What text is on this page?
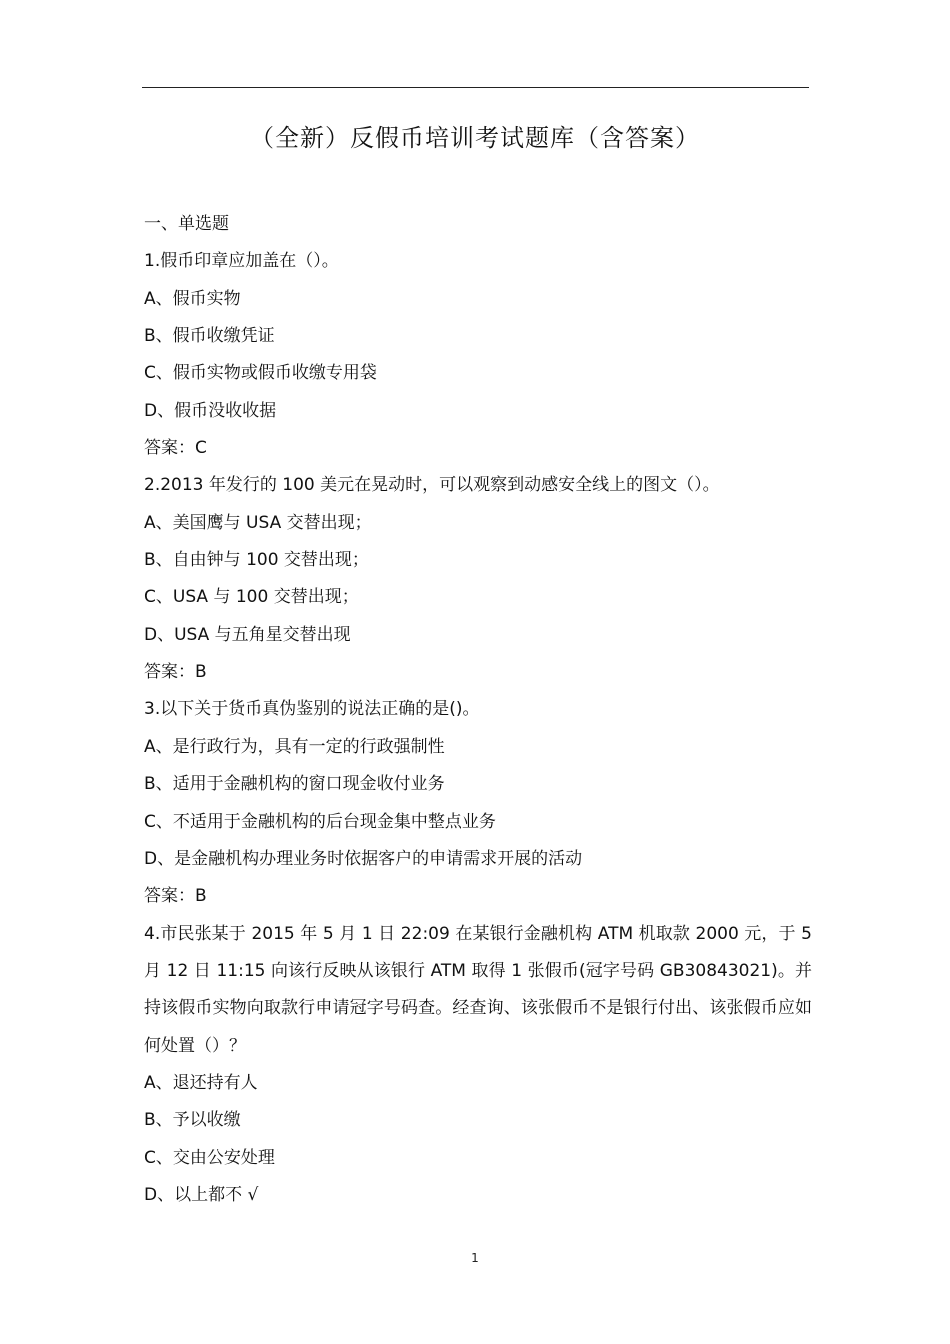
（全新）反假币培训考试题库（含答案）
一、单选题
1.假币印章应加盖在（）。
A、假币实物
B、假币收缴凭证
C、假币实物或假币收缴专用袋
D、假币没收收据
答案：C
2.2013 年发行的 100 美元在晃动时，可以观察到动感安全线上的图文（）。
A、美国鹰与 USA 交替出现；
B、自由钟与 100 交替出现；
C、USA 与 100 交替出现；
D、USA 与五角星交替出现
答案：B
3.以下关于货币真伪鉴别的说法正确的是()。
A、是行政行为，具有一定的行政强制性
B、适用于金融机构的窗口现金收付业务
C、不适用于金融机构的后台现金集中整点业务
D、是金融机构办理业务时依据客户的申请需求开展的活动
答案：B
4.市民张某于 2015 年 5 月 1 日 22:09 在某银行金融机构 ATM 机取款 2000 元，于 5 月 12 日 11:15 向该行反映从该银行 ATM 取得 1 张假币(冠字号码 GB30843021)。并持该假币实物向取款行申请冠字号码查。经查询、该张假币不是银行付出、该张假币应如何处置（）？
A、退还持有人
B、予以收缴
C、交由公安处理
D、以上都不 √
1
